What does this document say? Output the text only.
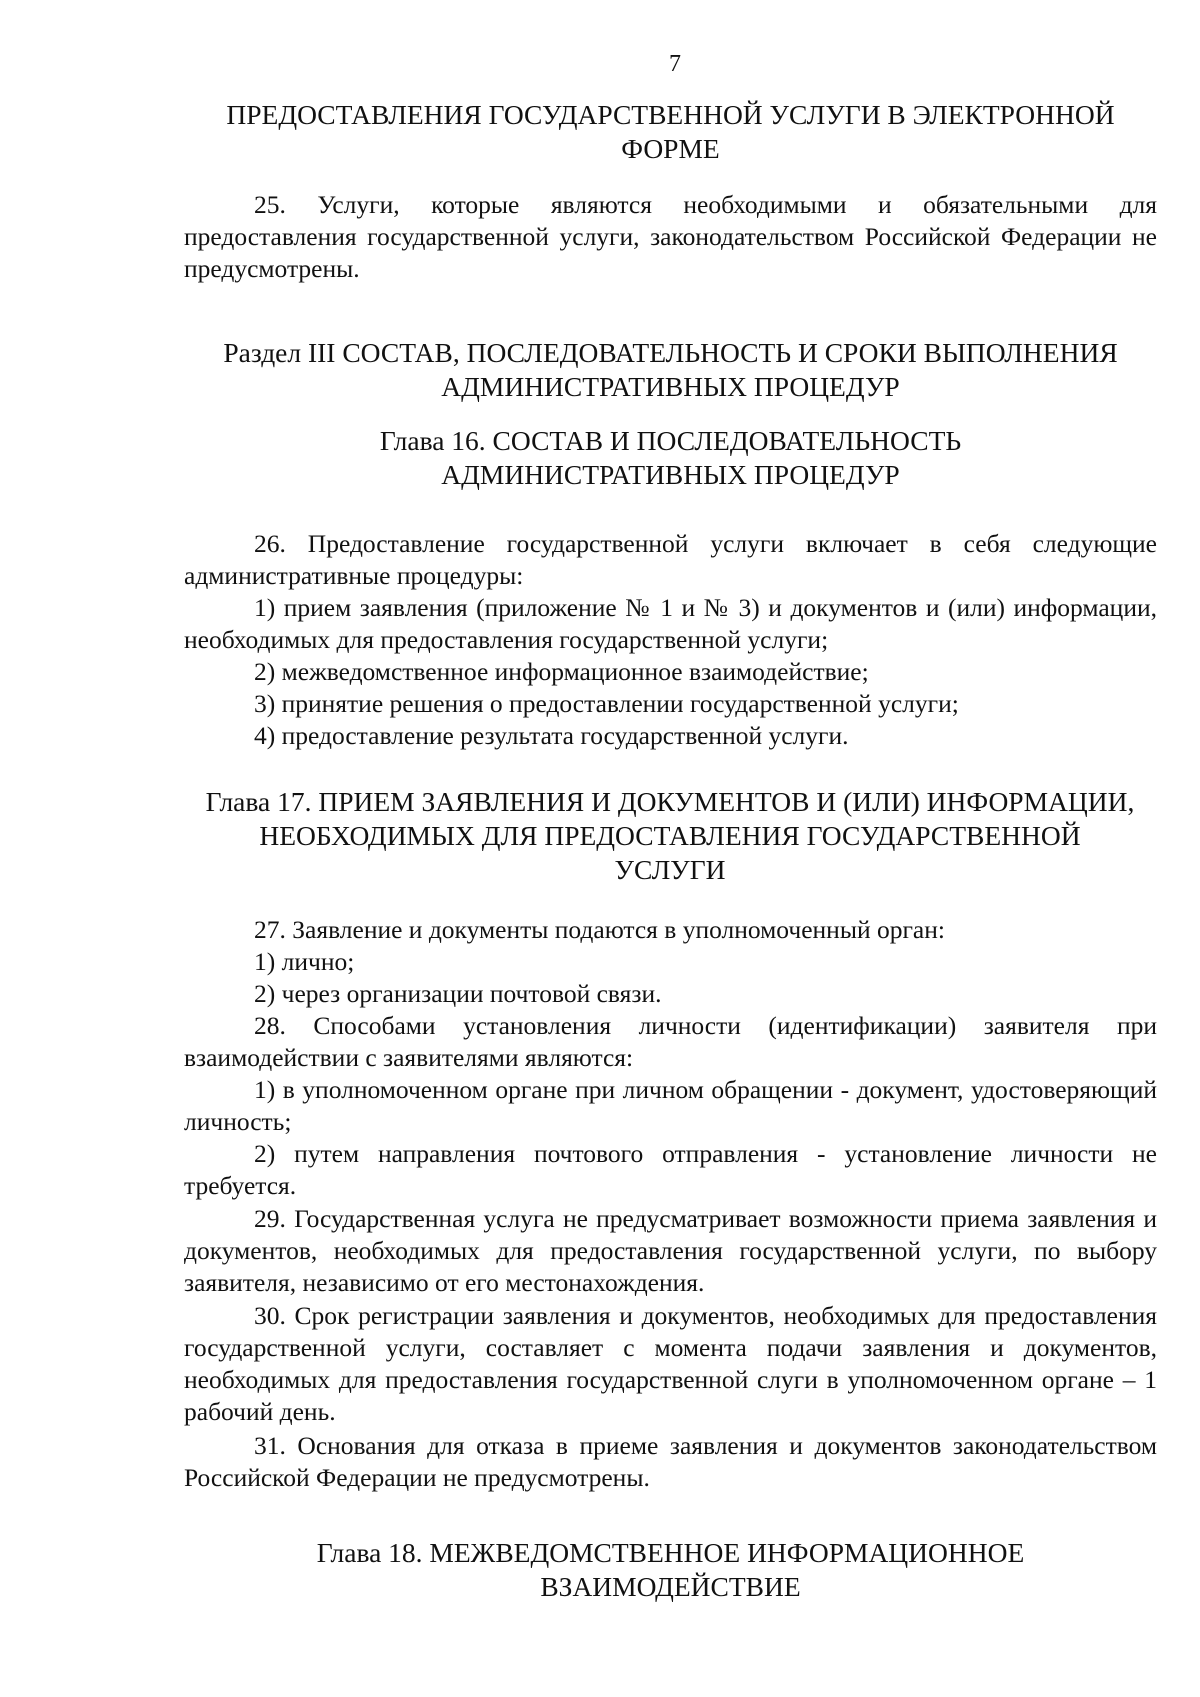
7
ПРЕДОСТАВЛЕНИЯ ГОСУДАРСТВЕННОЙ УСЛУГИ В ЭЛЕКТРОННОЙ
ФОРМЕ

25. Услуги, которые являются необходимыми и обязательными для предоставления государственной услуги, законодательством Российской Федерации не предусмотрены.

Раздел III СОСТАВ, ПОСЛЕДОВАТЕЛЬНОСТЬ И СРОКИ ВЫПОЛНЕНИЯ
АДМИНИСТРАТИВНЫХ ПРОЦЕДУР
Глава 16. СОСТАВ И ПОСЛЕДОВАТЕЛЬНОСТЬ
АДМИНИСТРАТИВНЫХ ПРОЦЕДУР

26. Предоставление государственной услуги включает в себя следующие административные процедуры:

1) прием заявления (приложение № 1 и № 3) и документов и (или) информации, необходимых для предоставления государственной услуги;

2) межведомственное информационное взаимодействие;

3) принятие решения о предоставлении государственной услуги;

4) предоставление результата государственной услуги.

Глава 17. ПРИЕМ ЗАЯВЛЕНИЯ И ДОКУМЕНТОВ И (ИЛИ) ИНФОРМАЦИИ,
НЕОБХОДИМЫХ ДЛЯ ПРЕДОСТАВЛЕНИЯ ГОСУДАРСТВЕННОЙ
УСЛУГИ

27. Заявление и документы подаются в уполномоченный орган:

1) лично;

2) через организации почтовой связи.

28. Способами установления личности (идентификации) заявителя при взаимодействии с заявителями являются:

1) в уполномоченном органе при личном обращении - документ, удостоверяющий личность;

2) путем направления почтового отправления - установление личности не требуется.

29. Государственная услуга не предусматривает возможности приема заявления и документов, необходимых для предоставления государственной услуги, по выбору заявителя, независимо от его местонахождения.

30. Срок регистрации заявления и документов, необходимых для предоставления государственной услуги, составляет с момента подачи заявления и документов, необходимых для предоставления государственной слуги в уполномоченном органе – 1 рабочий день.

31. Основания для отказа в приеме заявления и документов законодательством Российской Федерации не предусмотрены.

Глава 18. МЕЖВЕДОМСТВЕННОЕ ИНФОРМАЦИОННОЕ
ВЗАИМОДЕЙСТВИЕ
